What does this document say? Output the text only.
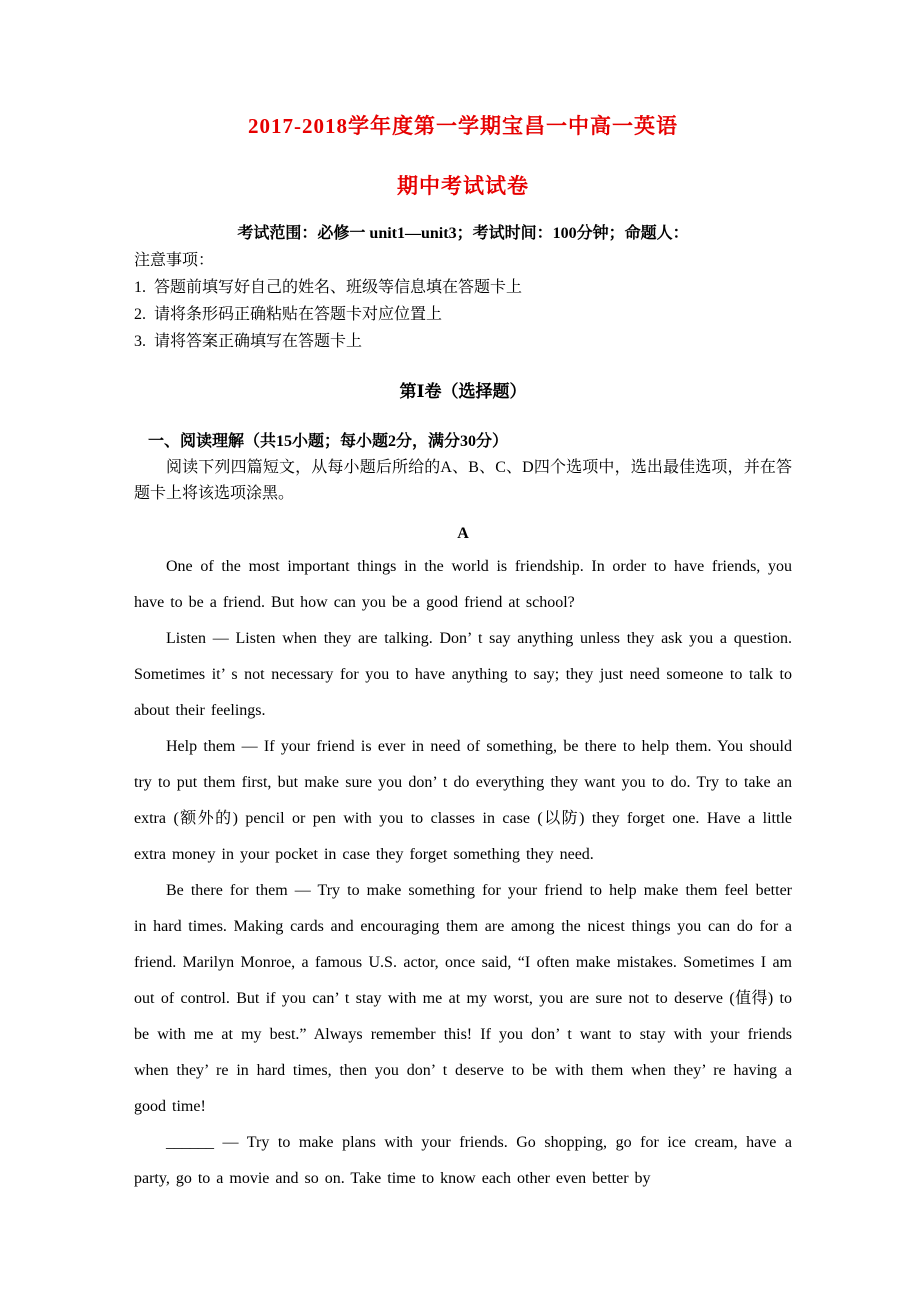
2017-2018学年度第一学期宝昌一中高一英语
期中考试试卷

考试范围：必修一 unit1—unit3；考试时间：100分钟；命题人：

注意事项：

1.  答题前填写好自己的姓名、班级等信息填在答题卡上

2.  请将条形码正确粘贴在答题卡对应位置上

3.  请将答案正确填写在答题卡上

第Ⅰ卷（选择题）

一、阅读理解（共15小题；每小题2分，满分30分）

阅读下列四篇短文，从每小题后所给的A、B、C、D四个选项中，选出最佳选项，并在答题卡上将该选项涂黑。

A

One of the most important things in the world is friendship. In order to have friends, you have to be a friend. But how can you be a good friend at school?

Listen — Listen when they are talking. Don’ t say anything unless they ask you a question. Sometimes it’ s not necessary for you to have anything to say; they just need someone to talk to about their feelings.

Help them — If your friend is ever in need of something, be there to help them. You should try to put them first, but make sure you don’ t do everything they want you to do. Try to take an extra (额外的) pencil or pen with you to classes in case (以防) they forget one. Have a little extra money in your pocket in case they forget something they need.

Be there for them — Try to make something for your friend to help make them feel better in hard times. Making cards and encouraging them are among the nicest things you can do for a friend. Marilyn Monroe, a famous U.S. actor, once said, “I often make mistakes. Sometimes I am out of control. But if you can’ t stay with me at my worst, you are sure not to deserve (值得) to be with me at my best.” Always remember this! If you don’ t want to stay with your friends when they’ re in hard times, then you don’ t deserve to be with them when they’ re having a good time!

______ — Try to make plans with your friends. Go shopping, go for ice cream, have a party, go to a movie and so on. Take time to know each other even better by
